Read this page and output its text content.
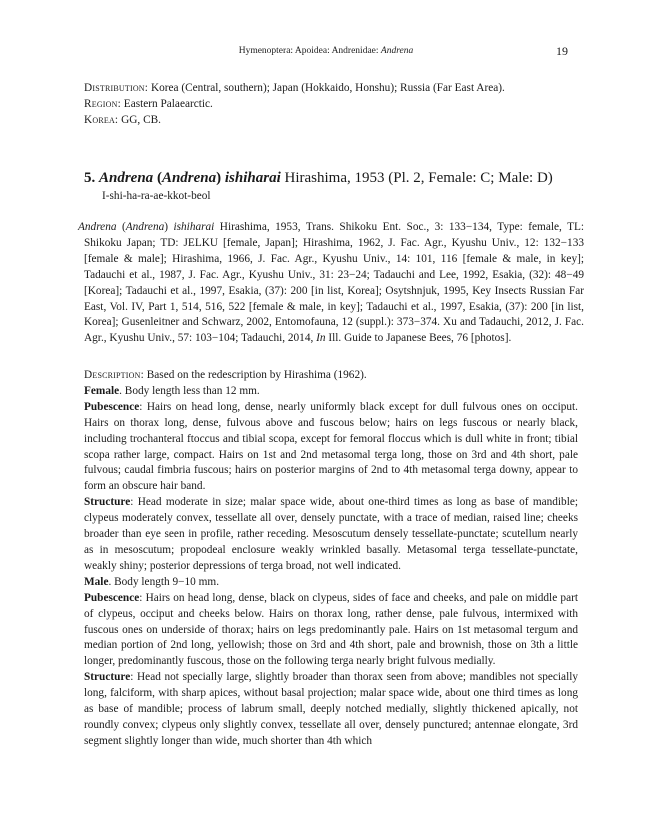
Hymenoptera: Apoidea: Andrenidae: Andrena	19
Distribution: Korea (Central, southern); Japan (Hokkaido, Honshu); Russia (Far East Area).
Region: Eastern Palaearctic.
Korea: GG, CB.
5. Andrena (Andrena) ishiharai Hirashima, 1953 (Pl. 2, Female: C; Male: D)
I-shi-ha-ra-ae-kkot-beol

Andrena (Andrena) ishiharai Hirashima, 1953, Trans. Shikoku Ent. Soc., 3: 133−134, Type: female, TL: Shikoku Japan; TD: JELKU [female, Japan]; Hirashima, 1962, J. Fac. Agr., Kyushu Univ., 12: 132−133 [female & male]; Hirashima, 1966, J. Fac. Agr., Kyushu Univ., 14: 101, 116 [female & male, in key]; Tadauchi et al., 1987, J. Fac. Agr., Kyushu Univ., 31: 23−24; Tadauchi and Lee, 1992, Esakia, (32): 48−49 [Korea]; Tadauchi et al., 1997, Esakia, (37): 200 [in list, Korea]; Osytshnjuk, 1995, Key Insects Russian Far East, Vol. IV, Part 1, 514, 516, 522 [female & male, in key]; Tadauchi et al., 1997, Esakia, (37): 200 [in list, Korea]; Gusenleitner and Schwarz, 2002, Entomofauna, 12 (suppl.): 373−374. Xu and Tadauchi, 2012, J. Fac. Agr., Kyushu Univ., 57: 103−104; Tadauchi, 2014, In Ill. Guide to Japanese Bees, 76 [photos].

Description: Based on the redescription by Hirashima (1962).

Female. Body length less than 12 mm.

Pubescence: Hairs on head long, dense, nearly uniformly black except for dull fulvous ones on occiput. Hairs on thorax long, dense, fulvous above and fuscous below; hairs on legs fuscous or nearly black, including trochanteral ftoccus and tibial scopa, except for femoral floccus which is dull white in front; tibial scopa rather large, compact. Hairs on 1st and 2nd metasomal terga long, those on 3rd and 4th short, pale fulvous; caudal fimbria fuscous; hairs on posterior margins of 2nd to 4th metasomal terga downy, appear to form an obscure hair band.

Structure: Head moderate in size; malar space wide, about one-third times as long as base of mandible; clypeus moderately convex, tessellate all over, densely punctate, with a trace of median, raised line; cheeks broader than eye seen in profile, rather receding. Mesoscutum densely tessellate-punctate; scutellum nearly as in mesoscutum; propodeal enclosure weakly wrinkled basally. Metasomal terga tessellate-punctate, weakly shiny; posterior depressions of terga broad, not well indicated.

Male. Body length 9−10 mm.

Pubescence: Hairs on head long, dense, black on clypeus, sides of face and cheeks, and pale on middle part of clypeus, occiput and cheeks below. Hairs on thorax long, rather dense, pale fulvous, intermixed with fuscous ones on underside of thorax; hairs on legs predominantly pale. Hairs on 1st metasomal tergum and median portion of 2nd long, yellowish; those on 3rd and 4th short, pale and brownish, those on 3th a little longer, predominantly fuscous, those on the following terga nearly bright fulvous medially.

Structure: Head not specially large, slightly broader than thorax seen from above; mandibles not specially long, falciform, with sharp apices, without basal projection; malar space wide, about one third times as long as base of mandible; process of labrum small, deeply notched medially, slightly thickened apically, not roundly convex; clypeus only slightly convex, tessellate all over, densely punctured; antennae elongate, 3rd segment slightly longer than wide, much shorter than 4th which
